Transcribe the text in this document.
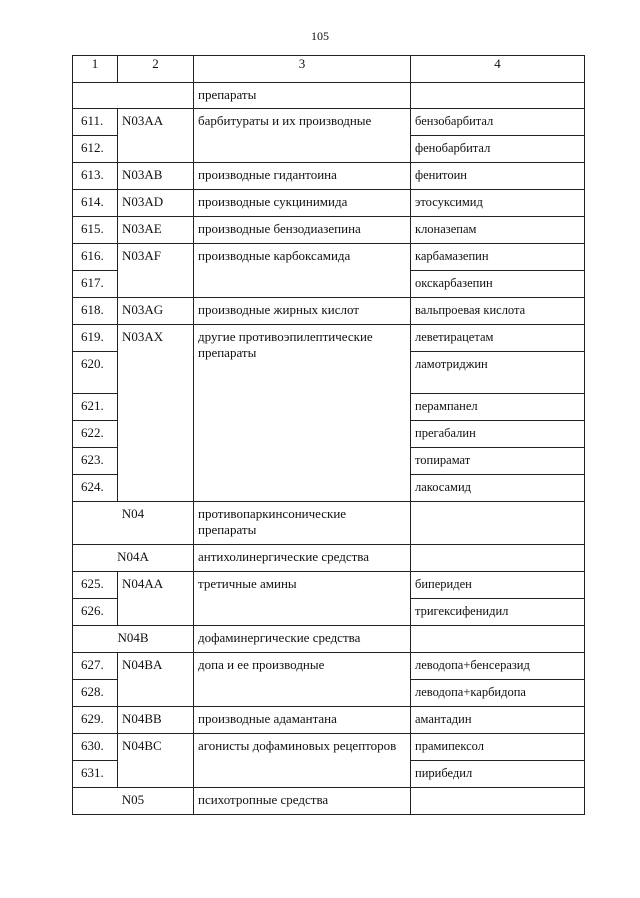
105
1	2	3	4
		препараты	
611.	N03AA	барбитураты и их производные	бензобарбитал
612.			фенобарбитал
613.	N03AB	производные гидантоина	фенитоин
614.	N03AD	производные сукцинимида	этосуксимид
615.	N03AE	производные бензодиазепина	клоназепам
616.	N03AF	производные карбоксамида	карбамазепин
617.			окскарбазепин
618.	N03AG	производные жирных кислот	вальпроевая кислота
619.	N03AX	другие противоэпилептические препараты	леветирацетам
620.			ламотриджин
621.			перампанел
622.			прегабалин
623.			топирамат
624.			лакосамид
N04		противопаркинсонические препараты	
N04A		антихолинергические средства	
625.	N04AA	третичные амины	бипериден
626.			тригексифенидил
N04B		дофаминергические средства	
627.	N04BA	допа и ее производные	леводопа+бенсеразид
628.			леводопа+карбидопа
629.	N04BB	производные адамантана	амантадин
630.	N04BC	агонисты дофаминовых рецепторов	прамипексол
631.			пирибедил
N05		психотропные средства	
